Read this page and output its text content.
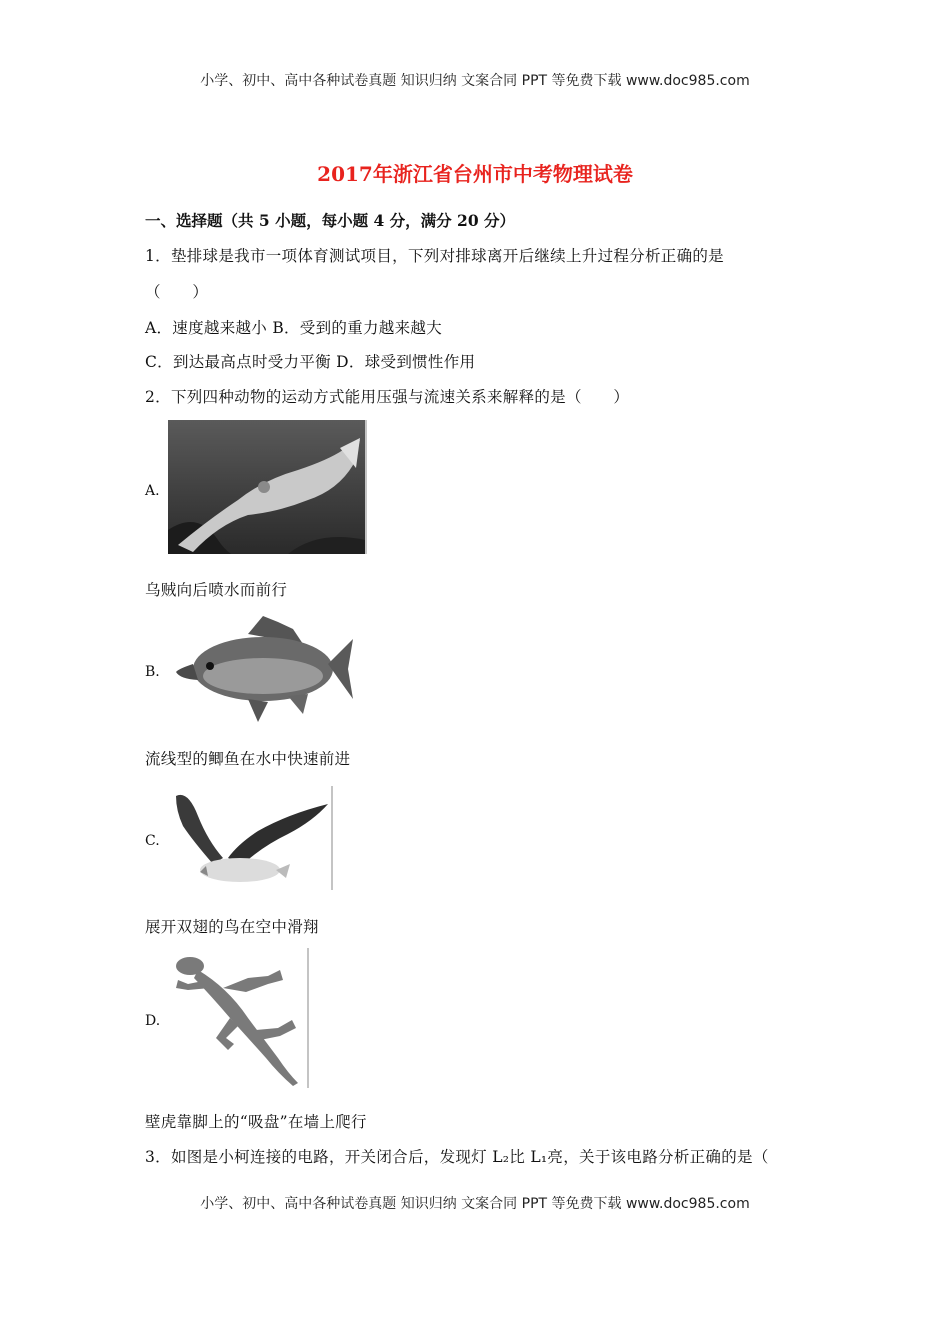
小学、初中、高中各种试卷真题 知识归纳 文案合同 PPT 等免费下载 www.doc985.com
2017年浙江省台州市中考物理试卷
一、选择题（共 5 小题，每小题 4 分，满分 20 分）
1．垫排球是我市一项体育测试项目，下列对排球离开后继续上升过程分析正确的是
（　　）
A．速度越来越小 B．受到的重力越来越大
C．到达最高点时受力平衡 D．球受到惯性作用
2．下列四种动物的运动方式能用压强与流速关系来解释的是（　　）
A.
乌贼向后喷水而前行
B.
流线型的鲫鱼在水中快速前进
C.
展开双翅的鸟在空中滑翔
D.
壁虎靠脚上的“吸盘”在墙上爬行
3．如图是小柯连接的电路，开关闭合后，发现灯 L₂比 L₁亮，关于该电路分析正确的是（
小学、初中、高中各种试卷真题 知识归纳 文案合同 PPT 等免费下载 www.doc985.com
